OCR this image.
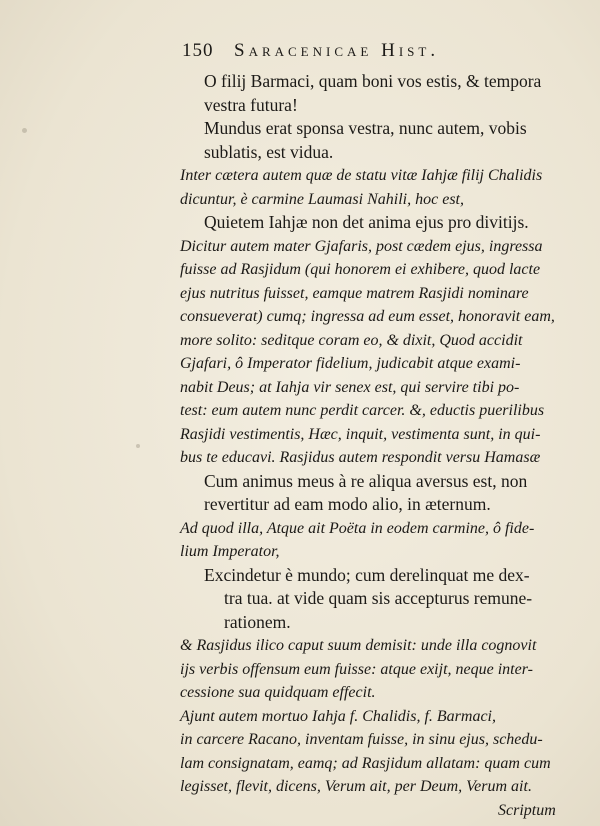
150	Saracenicae Hist.
O filij Barmaci, quam boni vos estis, & tempora
vestra futura!
Mundus erat sponsa vestra, nunc autem, vobis
sublatis, est vidua.
Inter cætera autem quæ de statu vitæ Iahjæ filij Chalidis
dicuntur, è carmine Laumasi Nahili, hoc est,
Quietem Iahjæ non det anima ejus pro divitijs.
Dicitur autem mater Gjafaris, post cædem ejus, ingressa
fuisse ad Rasjidum (qui honorem ei exhibere, quod lacte
ejus nutritus fuisset, eamque matrem Rasjidi nominare
consueverat) cumq; ingressa ad eum esset, honoravit eam,
more solito: seditque coram eo, & dixit, Quod accidit
Gjafari, ô Imperator fidelium, judicabit atque exami-
nabit Deus; at Iahja vir senex est, qui servire tibi po-
test: eum autem nunc perdit carcer. &, eductis puerilibus
Rasjidi vestimentis, Hæc, inquit, vestimenta sunt, in qui-
bus te educavi. Rasjidus autem respondit versu Hamasæ
Cum animus meus à re aliqua aversus est, non
revertitur ad eam modo alio, in æternum.
Ad quod illa, Atque ait Poëta in eodem carmine, ô fide-
lium Imperator,
Excindetur è mundo; cum derelinquat me dex-
tra tua. at vide quam sis accepturus remune-
rationem.
& Rasjidus ilico caput suum demisit: unde illa cognovit
ijs verbis offensum eum fuisse: atque exijt, neque inter-
cessione sua quidquam effecit.
Ajunt autem mortuo Iahja f. Chalidis, f. Barmaci,
in carcere Racano, inventam fuisse, in sinu ejus, schedu-
lam consignatam, eamq; ad Rasjidum allatam: quam cum
legisset, flevit, dicens, Verum ait, per Deum, Verum ait.
Scriptum
